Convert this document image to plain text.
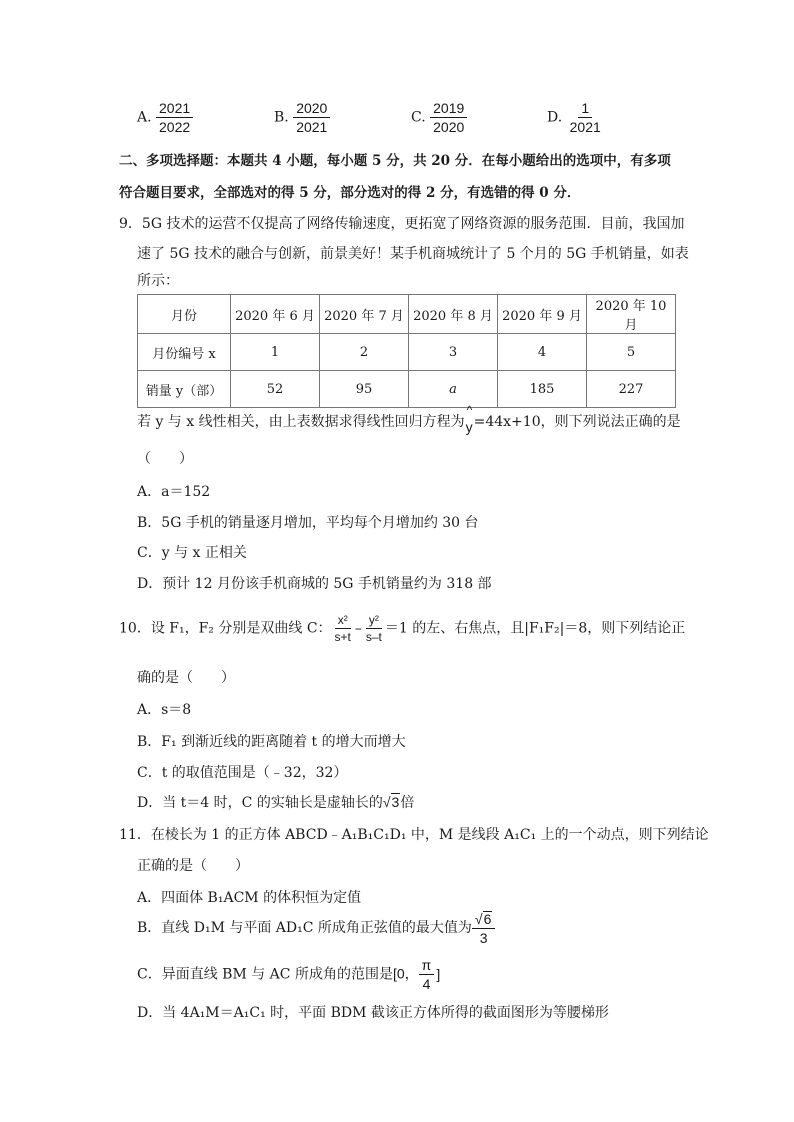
A. $\frac{2021}{2022}$	B. $\frac{2020}{2021}$	C. $\frac{2019}{2020}$	D. $\frac{1}{2021}$
二、多项选择题：本题共 4 小题，每小题 5 分，共 20 分．在每小题给出的选项中，有多项
符合题目要求，全部选对的得 5 分，部分选对的得 2 分，有选错的得 0 分．
9．5G 技术的运营不仅提高了网络传输速度，更拓宽了网络资源的服务范围．目前，我国加
速了 5G 技术的融合与创新，前景美好！某手机商城统计了 5 个月的 5G 手机销量，如表
所示：
月份	2020 年 6 月	2020 年 7 月	2020 年 8 月	2020 年 9 月	2020 年 10 月
月份编号 x	1	2	3	4	5
销量 y（部）	52	95	a	185	227
若 y 与 x 线性相关，由上表数据求得线性回归方程为
^
y=44x+10，则下列说法正确的是
（　　）
A．a＝152
B．5G 手机的销量逐月增加，平均每个月增加约 30 台
C．y 与 x 正相关
D．预计 12 月份该手机商城的 5G 手机销量约为 318 部
10．设 F₁，F₂ 分别是双曲线 C： $\frac{\text{x²}}{s+t} - \frac{\text{y²}}{s-t} =1$ 的左、右焦点，且|F₁F₂|＝8，则下列结论正
确的是（　　）
A．s＝8
B．F₁ 到渐近线的距离随着 t 的增大而增大
C．t 的取值范围是（﹣32，32）
D．当 t＝4 时，C 的实轴长是虚轴长的 √ 3 倍
11．在棱长为 1 的正方体 ABCD﹣A₁B₁C₁D₁ 中，M 是线段 A₁C₁ 上的一个动点，则下列结论
正确的是（　　）
A．四面体 B₁ACM 的体积恒为定值
B．直线 D₁M 与平面 AD₁C 所成角正弦值的最大值为 $\frac{√ 6}{3}$
C．异面直线 BM 与 AC 所成角的范围是[0， $\frac{\pi}{4}$ ]
D．当 4A₁M＝A₁C₁ 时，平面 BDM 截该正方体所得的截面图形为等腰梯形
